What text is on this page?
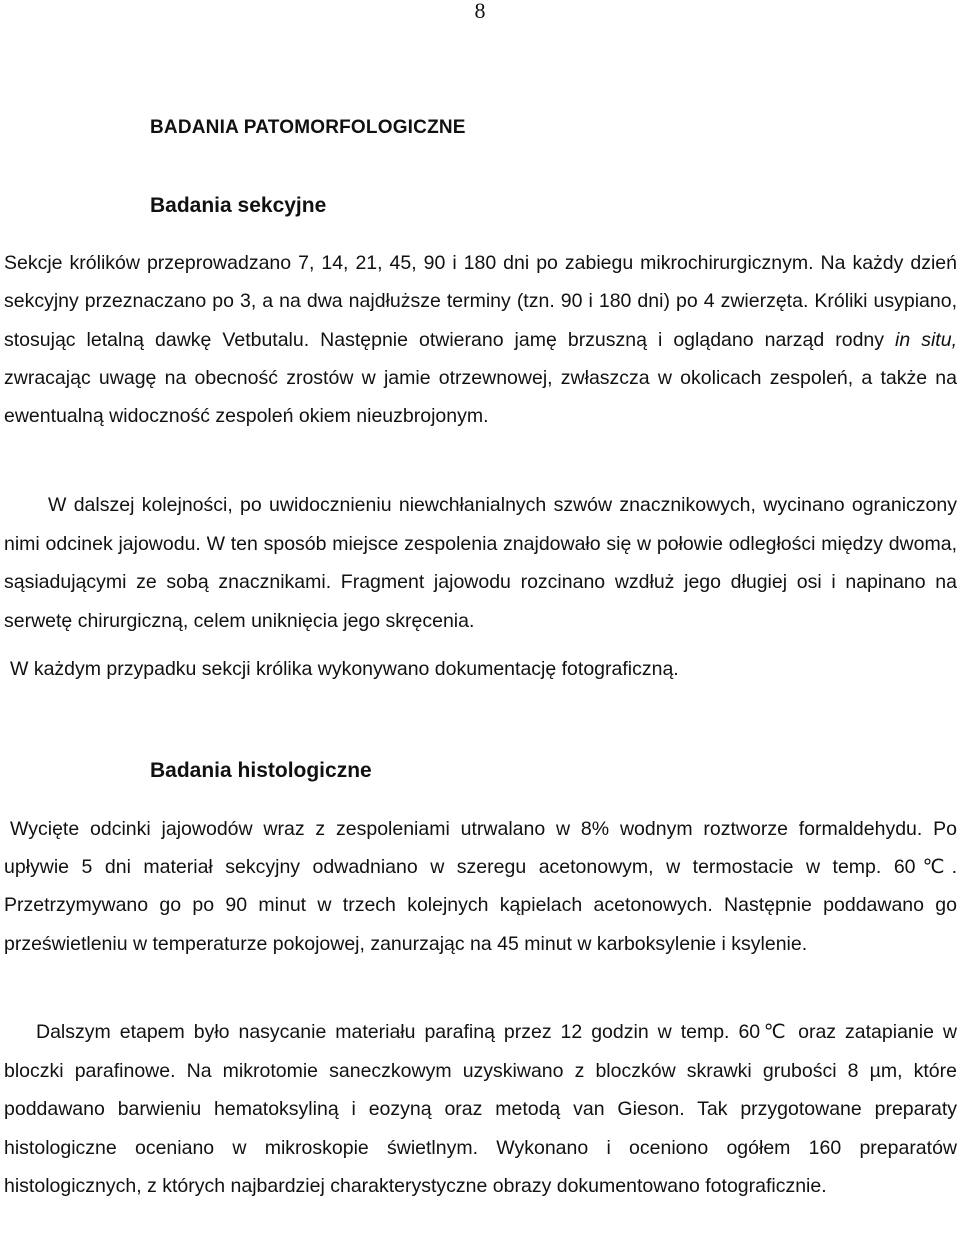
8
BADANIA PATOMORFOLOGICZNE
Badania sekcyjne

Sekcje królików przeprowadzano 7, 14, 21, 45, 90 i 180 dni po zabiegu mikrochirurgicznym. Na każdy dzień sekcyjny przeznaczano po 3, a na dwa najdłuższe terminy (tzn. 90 i 180 dni) po 4 zwierzęta. Króliki usypiano, stosując letalną dawkę Vetbutalu. Następnie otwierano jamę brzuszną i oglądano narząd rodny in situ, zwracając uwagę na obecność zrostów w jamie otrzewnowej, zwłaszcza w okolicach zespoleń, a także na ewentualną widoczność zespoleń okiem nieuzbrojonym.

W dalszej kolejności, po uwidocznieniu niewchłanialnych szwów znacznikowych, wycinano ograniczony nimi odcinek jajowodu. W ten sposób miejsce zespolenia znajdowało się w połowie odległości między dwoma, sąsiadującymi ze sobą znacznikami. Fragment jajowodu rozcinano wzdłuż jego długiej osi i napinano na serwetę chirurgiczną, celem uniknięcia jego skręcenia.

W każdym przypadku sekcji królika wykonywano dokumentację fotograficzną.

Badania histologiczne

Wycięte odcinki jajowodów wraz z zespoleniami utrwalano w 8% wodnym roztworze formaldehydu. Po upływie 5 dni materiał sekcyjny odwadniano w szeregu acetonowym, w termostacie w temp. 60℃. Przetrzymywano go po 90 minut w trzech kolejnych kąpielach acetonowych. Następnie poddawano go prześwietleniu w temperaturze pokojowej, zanurzając na 45 minut w karboksylenie i ksylenie.

Dalszym etapem było nasycanie materiału parafiną przez 12 godzin w temp. 60℃ oraz zatapianie w bloczki parafinowe. Na mikrotomie saneczkowym uzyskiwano z bloczków skrawki grubości 8 µm, które poddawano barwieniu hematoksyliną i eozyną oraz metodą van Gieson. Tak przygotowane preparaty histologiczne oceniano w mikroskopie świetlnym. Wykonano i oceniono ogółem 160 preparatów histologicznych, z których najbardziej charakterystyczne obrazy dokumentowano fotograficznie.
